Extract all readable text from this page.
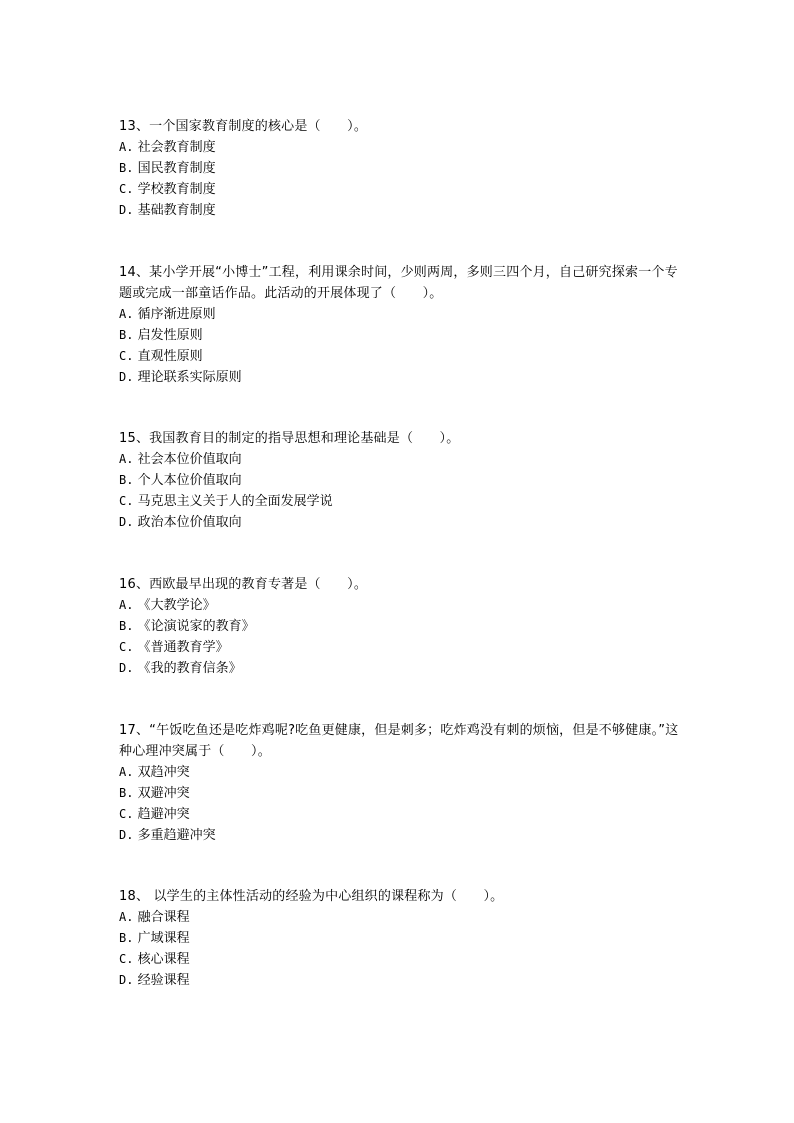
13、一个国家教育制度的核心是（　　）。

A. 社会教育制度

B. 国民教育制度

C. 学校教育制度

D. 基础教育制度

14、某小学开展“小博士”工程，利用课余时间，少则两周，多则三四个月，自己研究探索一个专题或完成一部童话作品。此活动的开展体现了（　　）。

A. 循序渐进原则

B. 启发性原则

C. 直观性原则

D. 理论联系实际原则

15、我国教育目的制定的指导思想和理论基础是（　　）。

A. 社会本位价值取向

B. 个人本位价值取向

C. 马克思主义关于人的全面发展学说

D. 政治本位价值取向

16、西欧最早出现的教育专著是（　　）。

A. 《大教学论》

B. 《论演说家的教育》

C. 《普通教育学》

D. 《我的教育信条》

17、“午饭吃鱼还是吃炸鸡呢?吃鱼更健康，但是刺多；吃炸鸡没有刺的烦恼，但是不够健康。”这种心理冲突属于（　　）。

A. 双趋冲突

B. 双避冲突

C. 趋避冲突

D. 多重趋避冲突

18、 以学生的主体性活动的经验为中心组织的课程称为（　　）。

A. 融合课程

B. 广域课程

C. 核心课程

D. 经验课程
